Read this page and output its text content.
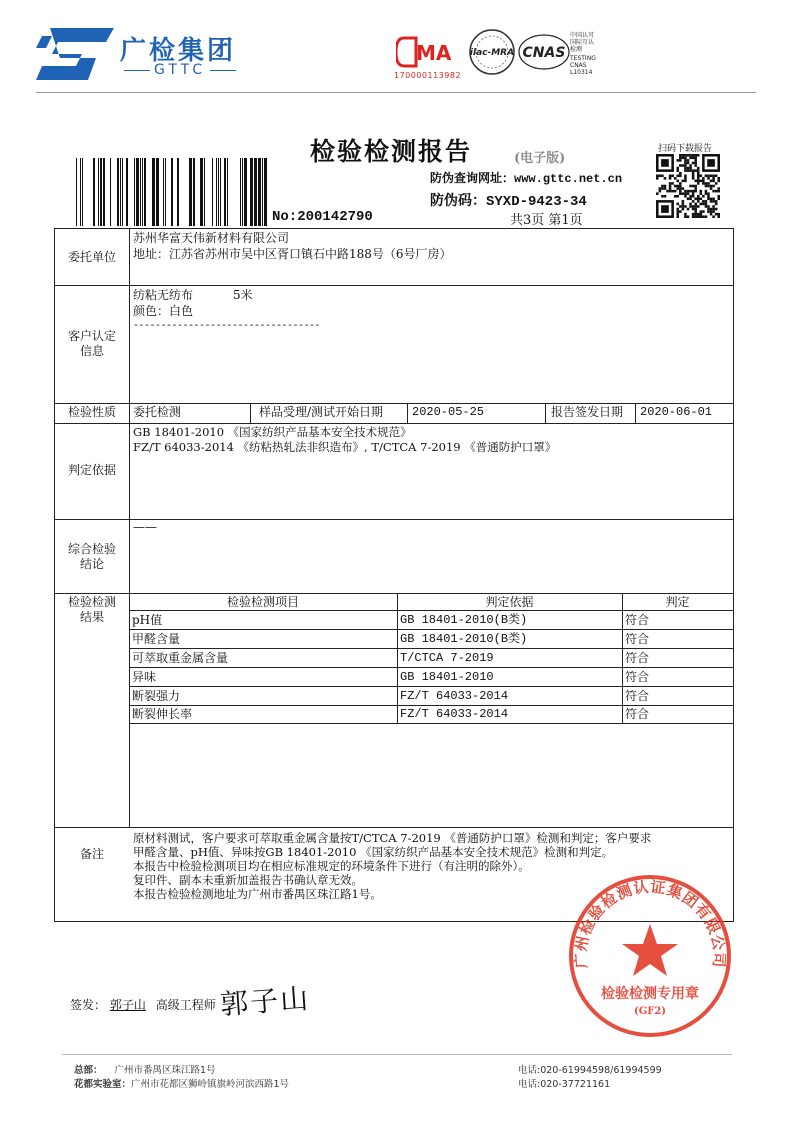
广检集团
GTTC
MA
170000113982
ilac-MRA CNAS
中国认可
国际互认
检测
TESTING
CNAS L10314
检验检测报告	(电子版)
扫码下载报告
防伪查询网址：www.gttc.net.cn
防伪码：SYXD-9423-34
No:200142790	共3页 第1页
委托单位
苏州华富天伟新材料有限公司
地址：江苏省苏州市吴中区胥口镇石中路188号（6号厂房）
客户认定
信息
纺粘无纺布	5米
颜色：白色
----------------------------------
检验性质	委托检测	样品受理/测试开始日期 2020-05-25	报告签发日期 2020-06-01
判定依据
GB 18401-2010 《国家纺织产品基本安全技术规范》
FZ/T 64033-2014 《纺粘热轧法非织造布》, T/CTCA 7-2019 《普通防护口罩》
综合检验
结论
——
检验检测
结果
检验检测项目	判定依据	判定
pH值	GB 18401-2010(B类)	符合
甲醛含量	GB 18401-2010(B类)	符合
可萃取重金属含量	T/CTCA 7-2019	符合
异味	GB 18401-2010	符合
断裂强力	FZ/T 64033-2014	符合
断裂伸长率	FZ/T 64033-2014	符合
备注
原材料测试，客户要求可萃取重金属含量按T/CTCA 7-2019 《普通防护口罩》检测和判定；客户要求
甲醛含量、pH值、异味按GB 18401-2010 《国家纺织产品基本安全技术规范》检测和判定。
本报告中检验检测项目均在相应标准规定的环境条件下进行（有注明的除外）。
复印件、副本未重新加盖报告书确认章无效。
本报告检验检测地址为广州市番禺区珠江路1号。
广州检验检测认证集团有限公司
检验检测专用章
(GF2)
签发： 郭子山 高级工程师 郭子山
总部： 广州市番禺区珠江路1号	电话:020-61994598/61994599
花都实验室：广州市花都区狮岭镇旗岭河滨西路1号	电话:020-37721161
